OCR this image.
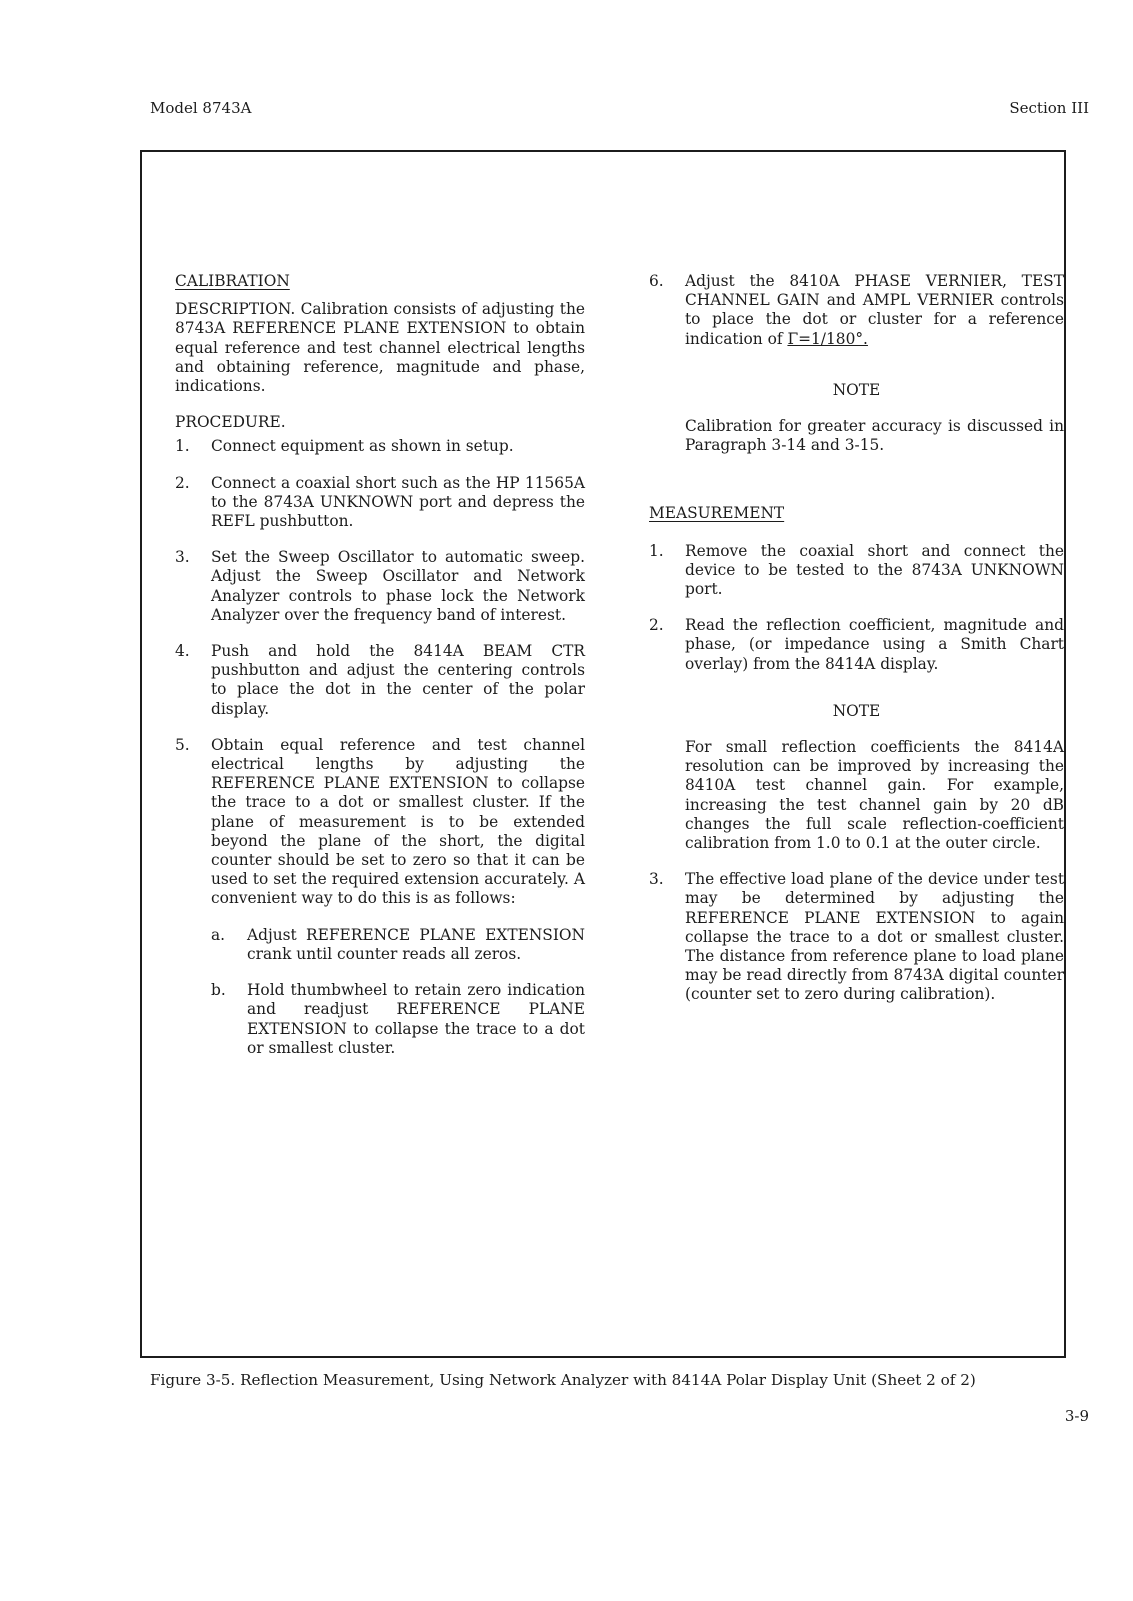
Model 8743A	Section III
CALIBRATION

DESCRIPTION. Calibration consists of adjusting the 8743A REFERENCE PLANE EXTENSION to obtain equal reference and test channel electrical lengths and obtaining reference, magnitude and phase, indications.

PROCEDURE.
1. Connect equipment as shown in setup.
2. Connect a coaxial short such as the HP 11565A to the 8743A UNKNOWN port and depress the REFL pushbutton.
3. Set the Sweep Oscillator to automatic sweep. Adjust the Sweep Oscillator and Network Analyzer controls to phase lock the Network Analyzer over the frequency band of interest.
4. Push and hold the 8414A BEAM CTR pushbutton and adjust the centering controls to place the dot in the center of the polar display.
5. Obtain equal reference and test channel electrical lengths by adjusting the REFERENCE PLANE EXTENSION to collapse the trace to a dot or smallest cluster. If the plane of measurement is to be extended beyond the plane of the short, the digital counter should be set to zero so that it can be used to set the required extension accurately. A convenient way to do this is as follows:
a. Adjust REFERENCE PLANE EXTENSION crank until counter reads all zeros.
b. Hold thumbwheel to retain zero indication and readjust REFERENCE PLANE EXTENSION to collapse the trace to a dot or smallest cluster.
6. Adjust the 8410A PHASE VERNIER, TEST CHANNEL GAIN and AMPL VERNIER controls to place the dot or cluster for a reference indication of Γ=1/180°.
NOTE

Calibration for greater accuracy is discussed in Paragraph 3-14 and 3-15.

MEASUREMENT
1. Remove the coaxial short and connect the device to be tested to the 8743A UNKNOWN port.
2. Read the reflection coefficient, magnitude and phase, (or impedance using a Smith Chart overlay) from the 8414A display.
NOTE

For small reflection coefficients the 8414A resolution can be improved by increasing the 8410A test channel gain. For example, increasing the test channel gain by 20 dB changes the full scale reflection-coefficient calibration from 1.0 to 0.1 at the outer circle.

3. The effective load plane of the device under test may be determined by adjusting the REFERENCE PLANE EXTENSION to again collapse the trace to a dot or smallest cluster. The distance from reference plane to load plane may be read directly from 8743A digital counter (counter set to zero during calibration).
Figure 3-5. Reflection Measurement, Using Network Analyzer with 8414A Polar Display Unit (Sheet 2 of 2)
3-9
